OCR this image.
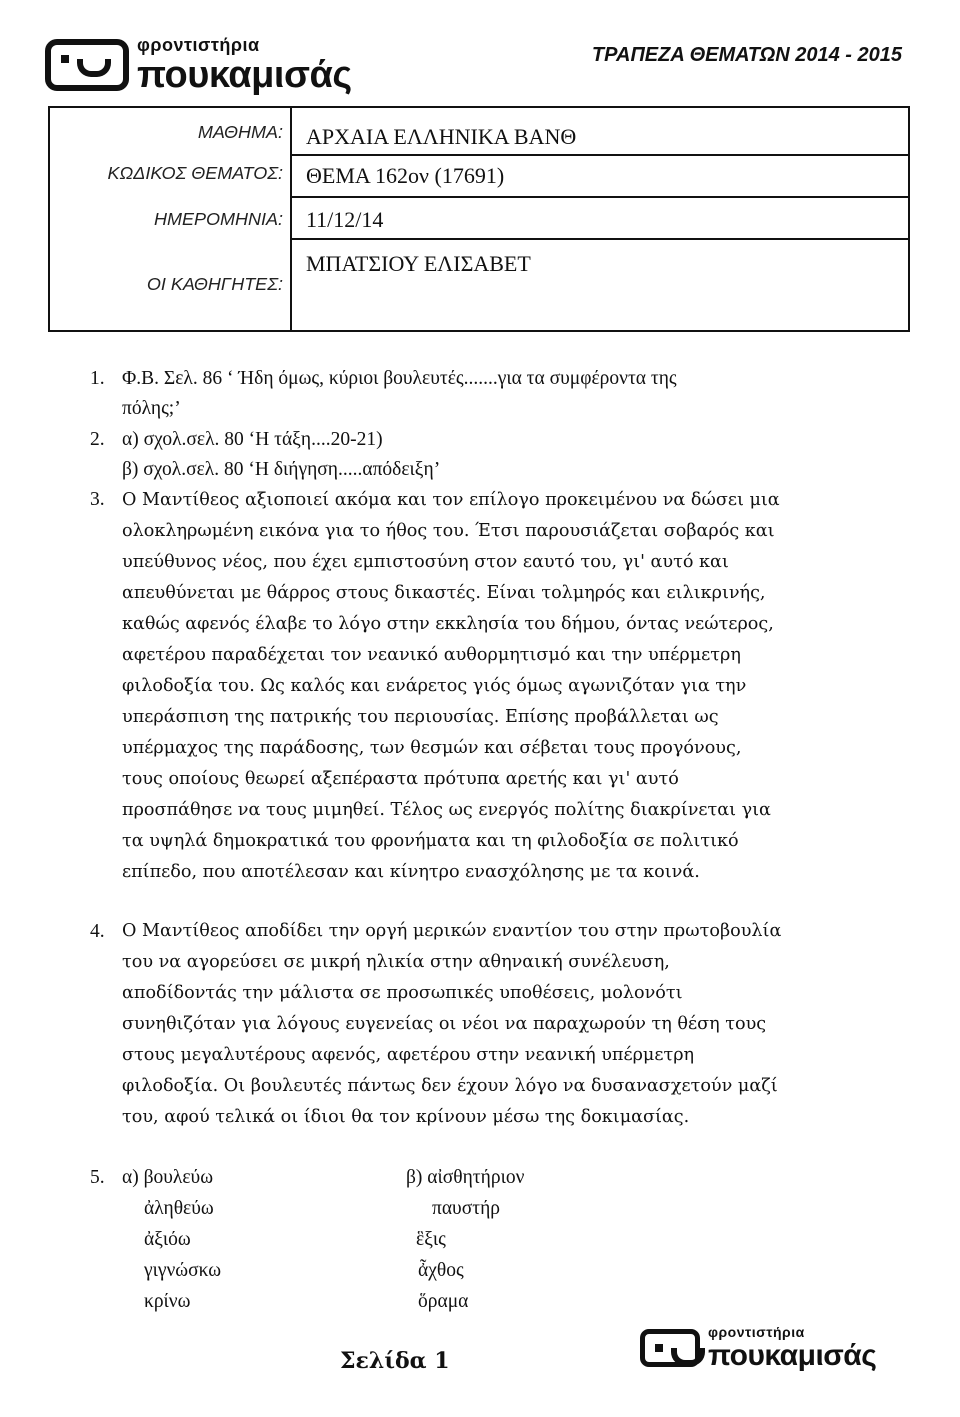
φροντιστήρια
πουκαμισάς	ΤΡΑΠΕΖΑ ΘΕΜΑΤΩΝ 2014 - 2015
ΜΑΘΗΜΑ: ΑΡΧΑΙΑ ΕΛΛΗΝΙΚΑ ΒΑΝΘ
ΚΩΔΙΚΟΣ ΘΕΜΑΤΟΣ: ΘΕΜΑ 162ον (17691)
ΗΜΕΡΟΜΗΝΙΑ: 11/12/14
ΟΙ ΚΑΘΗΓΗΤΕΣ:
ΜΠΑΤΣΙΟΥ ΕΛΙΣΑΒΕΤ
1. Φ.Β. Σελ. 86 ‘ Ήδη όμως, κύριοι βουλευτές.......για τα συμφέροντα της
πόλης;’
2. α) σχολ.σελ. 80 ‘Η τάξη....20-21)
β) σχολ.σελ. 80 ‘Η διήγηση.....απόδειξη’
3. Ο Μαντίθεος αξιοποιεί ακόμα και τον επίλογο προκειμένου να δώσει μια
ολοκληρωμένη εικόνα για το ήθος του. Έτσι παρουσιάζεται σοβαρός και
υπεύθυνος νέος, που έχει εμπιστοσύνη στον εαυτό του, γι' αυτό και
απευθύνεται με θάρρος στους δικαστές. Είναι τολμηρός και ειλικρινής,
καθώς αφενός έλαβε το λόγο στην εκκλησία του δήμου, όντας νεώτερος,
αφετέρου παραδέχεται τον νεανικό αυθορμητισμό και την υπέρμετρη
φιλοδοξία του. Ως καλός και ενάρετος γιός όμως αγωνιζόταν για την
υπεράσπιση της πατρικής του περιουσίας. Επίσης προβάλλεται ως
υπέρμαχος της παράδοσης, των θεσμών και σέβεται τους προγόνους,
τους οποίους θεωρεί αξεπέραστα πρότυπα αρετής και γι' αυτό
προσπάθησε να τους μιμηθεί. Τέλος ως ενεργός πολίτης διακρίνεται για
τα υψηλά δημοκρατικά του φρονήματα και τη φιλοδοξία σε πολιτικό
επίπεδο, που αποτέλεσαν και κίνητρο ενασχόλησης με τα κοινά.
4. Ο Μαντίθεος αποδίδει την οργή μερικών εναντίον του στην πρωτοβουλία
του να αγορεύσει σε μικρή ηλικία στην αθηναική συνέλευση,
αποδίδοντάς την μάλιστα σε προσωπικές υποθέσεις, μολονότι
συνηθιζόταν για λόγους ευγενείας οι νέοι να παραχωρούν τη θέση τους
στους μεγαλυτέρους αφενός, αφετέρου στην νεανική υπέρμετρη
φιλοδοξία. Οι βουλευτές πάντως δεν έχουν λόγο να δυσανασχετούν μαζί
του, αφού τελικά οι ίδιοι θα τον κρίνουν μέσω της δοκιμασίας.
5. α) βουλεύω
ἀληθεύω
ἀξιόω
γιγνώσκω
κρίνω
β) αἰσθητήριον
παυστήρ
ἓξις
ἆχθος
ὅραμα
Σελίδα 1
φροντιστήρια
πουκαμισάς
